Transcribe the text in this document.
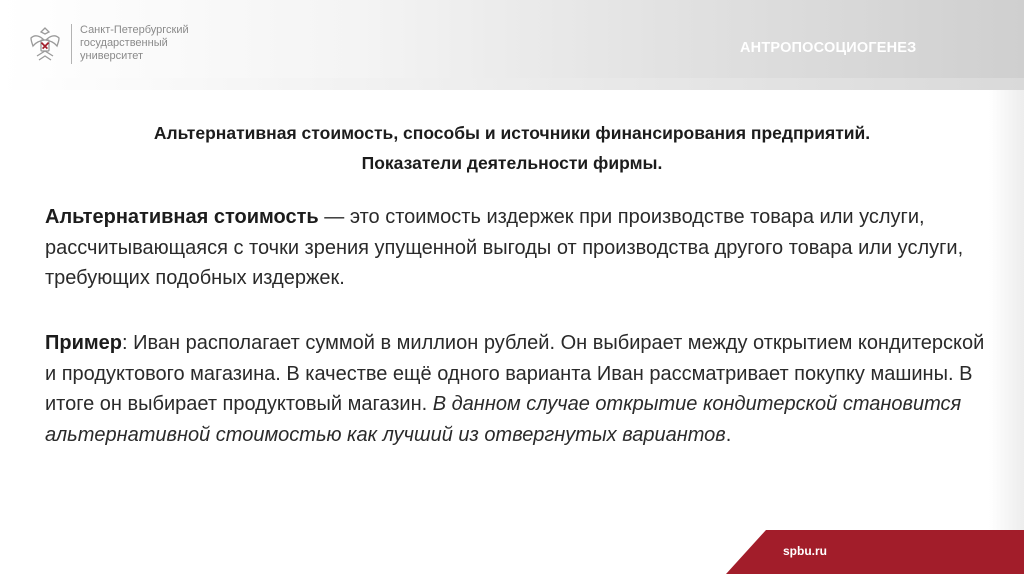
Санкт-Петербургский
государственный
университет	АНТРОПОСОЦИОГЕНЕЗ
Альтернативная стоимость, способы и источники финансирования предприятий.
Показатели деятельности фирмы.

Альтернативная стоимость — это стоимость издержек при производстве товара или услуги, рассчитывающаяся с точки зрения упущенной выгоды от производства другого товара или услуги, требующих подобных издержек.

Пример: Иван располагает суммой в миллион рублей. Он выбирает между открытием кондитерской и продуктового магазина. В качестве ещё одного варианта Иван рассматривает покупку машины. В итоге он выбирает продуктовый магазин. В данном случае открытие кондитерской становится альтернативной стоимостью как лучший из отвергнутых вариантов.

spbu.ru
